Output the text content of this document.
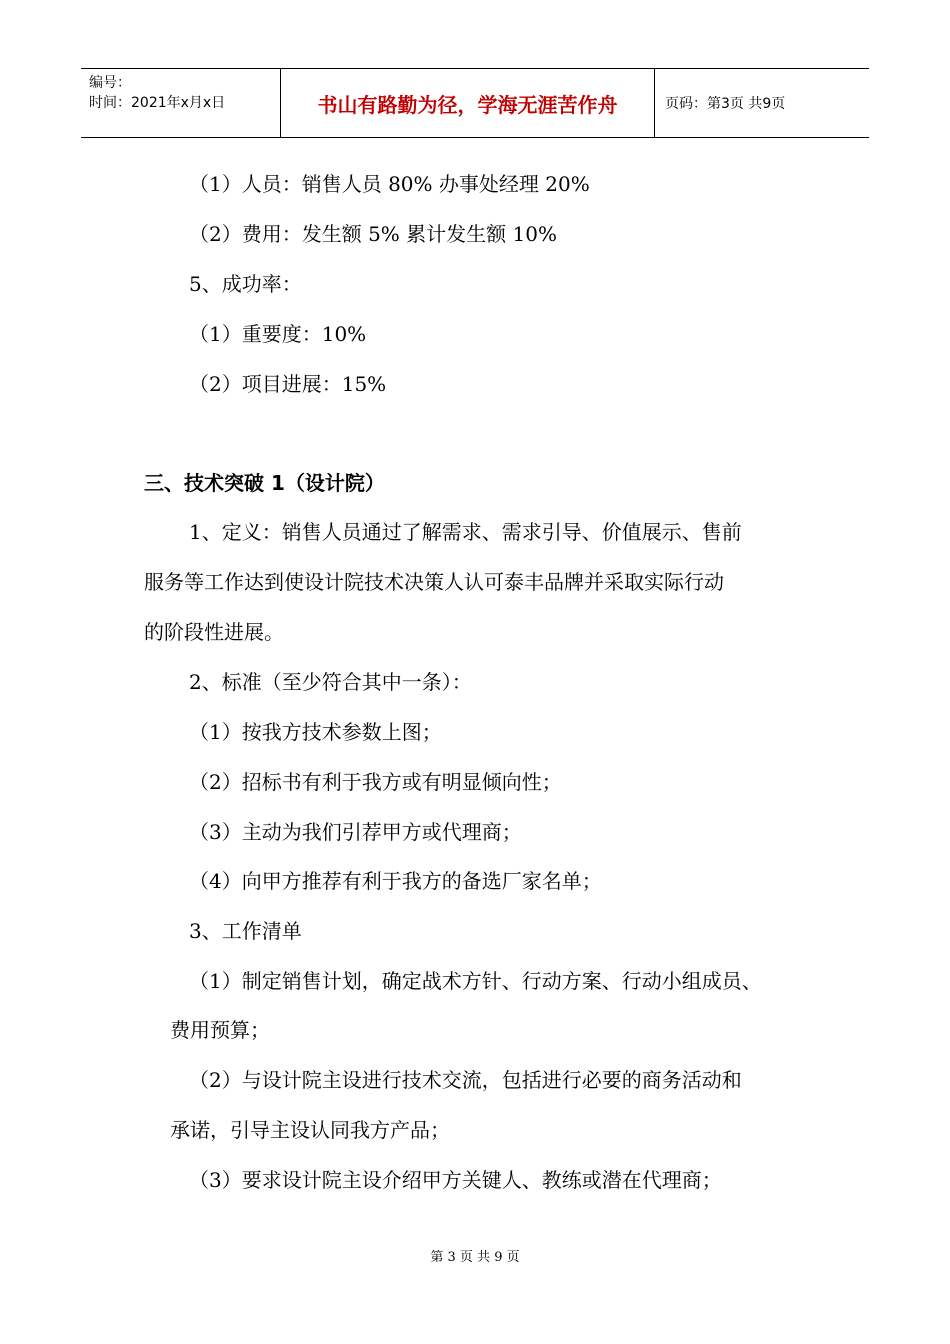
编号：
时间：2021年x月x日	书山有路勤为径，学海无涯苦作舟	页码：第3页 共9页
（1）人员：销售人员 80% 办事处经理 20%
（2）费用：发生额 5% 累计发生额 10%
5、成功率：
（1）重要度：10%
（2）项目进展：15%
三、技术突破 1（设计院）
1、定义：销售人员通过了解需求、需求引导、价值展示、售前
服务等工作达到使设计院技术决策人认可泰丰品牌并采取实际行动
的阶段性进展。
2、标准（至少符合其中一条）：
（1）按我方技术参数上图；
（2）招标书有利于我方或有明显倾向性；
（3）主动为我们引荐甲方或代理商；
（4）向甲方推荐有利于我方的备选厂家名单；
3、工作清单
（1）制定销售计划，确定战术方针、行动方案、行动小组成员、
费用预算；
（2）与设计院主设进行技术交流，包括进行必要的商务活动和
承诺，引导主设认同我方产品；
（3）要求设计院主设介绍甲方关键人、教练或潜在代理商；
第 3 页 共 9 页
